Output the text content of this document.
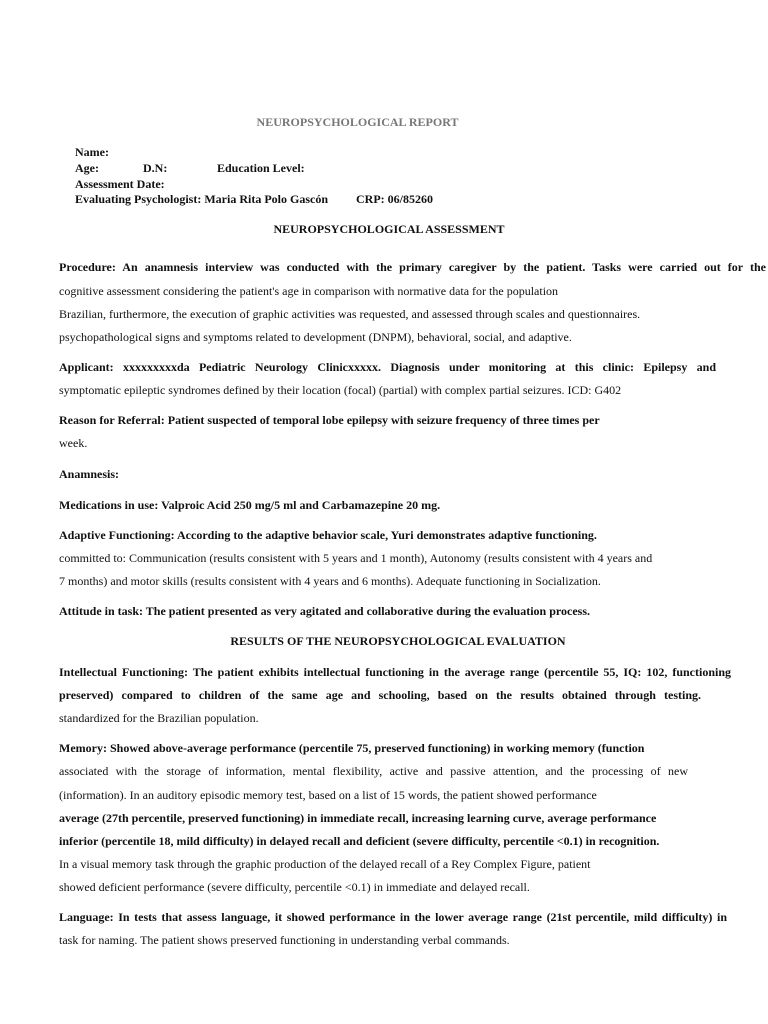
NEUROPSYCHOLOGICAL REPORT
Name:
Age:	D.N:	Education Level:
Assessment Date:
Evaluating Psychologist: Maria Rita Polo Gascón CRP: 06/85260
NEUROPSYCHOLOGICAL ASSESSMENT
Procedure: An anamnesis interview was conducted with the primary caregiver by the patient. Tasks were carried out for the
cognitive assessment considering the patient's age in comparison with normative data for the population
Brazilian, furthermore, the execution of graphic activities was requested, and assessed through scales and questionnaires.
psychopathological signs and symptoms related to development (DNPM), behavioral, social, and adaptive.
Applicant: xxxxxxxxxda Pediatric Neurology Clinicxxxxx. Diagnosis under monitoring at this clinic: Epilepsy and
symptomatic epileptic syndromes defined by their location (focal) (partial) with complex partial seizures. ICD: G402
Reason for Referral: Patient suspected of temporal lobe epilepsy with seizure frequency of three times per
week.
Anamnesis:
Medications in use: Valproic Acid 250 mg/5 ml and Carbamazepine 20 mg.
Adaptive Functioning: According to the adaptive behavior scale, Yuri demonstrates adaptive functioning.
committed to: Communication (results consistent with 5 years and 1 month), Autonomy (results consistent with 4 years and
7 months) and motor skills (results consistent with 4 years and 6 months). Adequate functioning in Socialization.
Attitude in task: The patient presented as very agitated and collaborative during the evaluation process.
RESULTS OF THE NEUROPSYCHOLOGICAL EVALUATION
Intellectual Functioning: The patient exhibits intellectual functioning in the average range (percentile 55, IQ: 102, functioning
preserved) compared to children of the same age and schooling, based on the results obtained through testing.
standardized for the Brazilian population.
Memory: Showed above-average performance (percentile 75, preserved functioning) in working memory (function
associated with the storage of information, mental flexibility, active and passive attention, and the processing of new
(information). In an auditory episodic memory test, based on a list of 15 words, the patient showed performance
average (27th percentile, preserved functioning) in immediate recall, increasing learning curve, average performance
inferior (percentile 18, mild difficulty) in delayed recall and deficient (severe difficulty, percentile <0.1) in recognition.
In a visual memory task through the graphic production of the delayed recall of a Rey Complex Figure, patient
showed deficient performance (severe difficulty, percentile <0.1) in immediate and delayed recall.
Language: In tests that assess language, it showed performance in the lower average range (21st percentile, mild difficulty) in
task for naming. The patient shows preserved functioning in understanding verbal commands.
